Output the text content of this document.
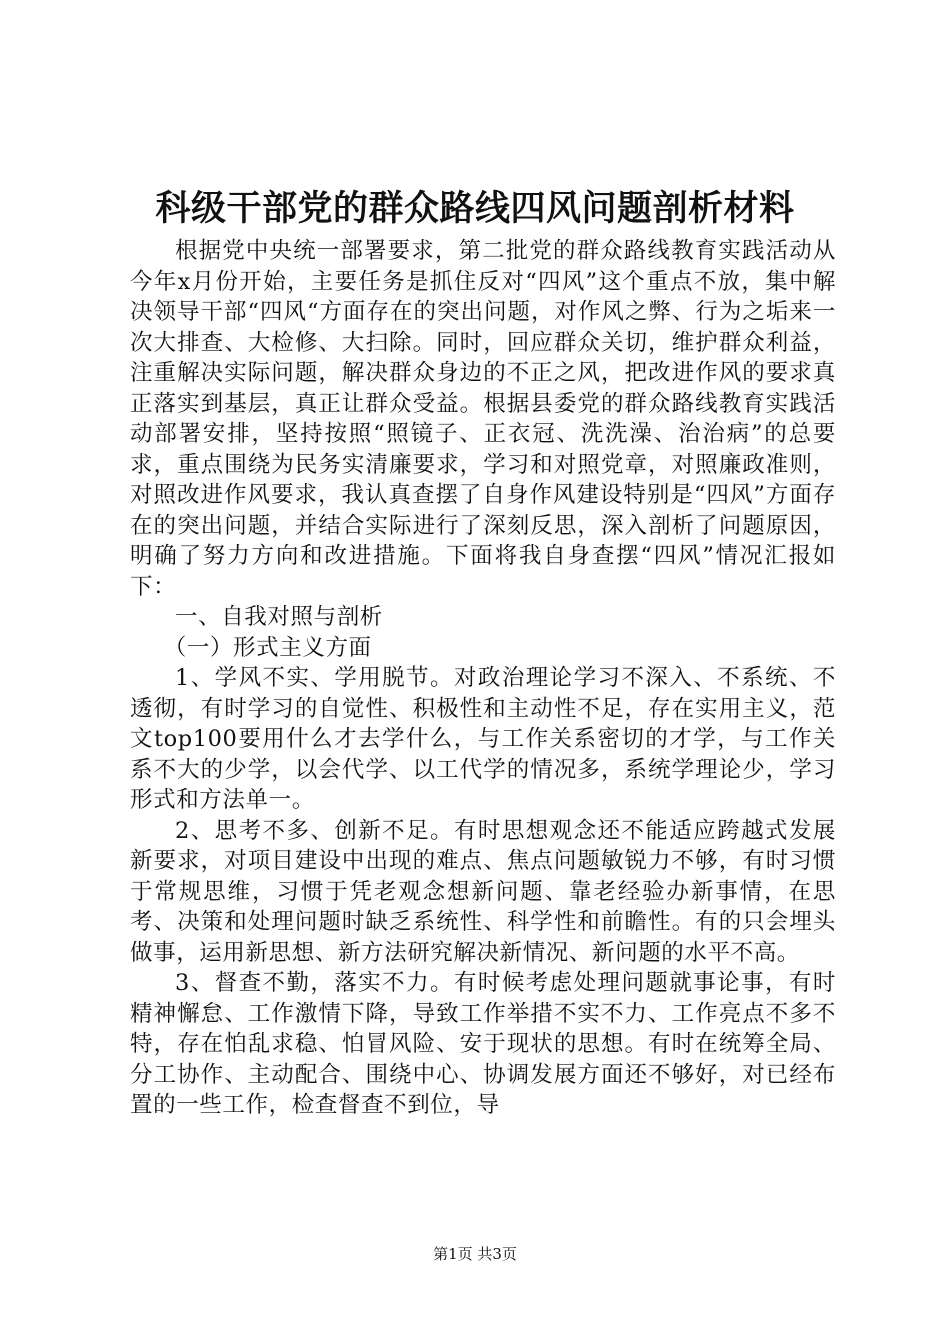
科级干部党的群众路线四风问题剖析材料

根据党中央统一部署要求，第二批党的群众路线教育实践活动从今年x月份开始，主要任务是抓住反对“四风”这个重点不放，集中解决领导干部“四风“方面存在的突出问题，对作风之弊、行为之垢来一次大排查、大检修、大扫除。同时，回应群众关切，维护群众利益，注重解决实际问题，解决群众身边的不正之风，把改进作风的要求真正落实到基层，真正让群众受益。根据县委党的群众路线教育实践活动部署安排，坚持按照“照镜子、正衣冠、洗洗澡、治治病”的总要求，重点围绕为民务实清廉要求，学习和对照党章，对照廉政准则，对照改进作风要求，我认真查摆了自身作风建设特别是“四风”方面存在的突出问题，并结合实际进行了深刻反思，深入剖析了问题原因，明确了努力方向和改进措施。下面将我自身查摆“四风”情况汇报如下：

一、自我对照与剖析

（一）形式主义方面

1、学风不实、学用脱节。对政治理论学习不深入、不系统、不透彻，有时学习的自觉性、积极性和主动性不足，存在实用主义，范文top100要用什么才去学什么，与工作关系密切的才学，与工作关系不大的少学，以会代学、以工代学的情况多，系统学理论少，学习形式和方法单一。

2、思考不多、创新不足。有时思想观念还不能适应跨越式发展新要求，对项目建设中出现的难点、焦点问题敏锐力不够，有时习惯于常规思维，习惯于凭老观念想新问题、靠老经验办新事情，在思考、决策和处理问题时缺乏系统性、科学性和前瞻性。有的只会埋头做事，运用新思想、新方法研究解决新情况、新问题的水平不高。

3、督查不勤，落实不力。有时候考虑处理问题就事论事，有时精神懈怠、工作激情下降，导致工作举措不实不力、工作亮点不多不特，存在怕乱求稳、怕冒风险、安于现状的思想。有时在统筹全局、分工协作、主动配合、围绕中心、协调发展方面还不够好，对已经布置的一些工作，检查督查不到位，导

第1页 共3页
